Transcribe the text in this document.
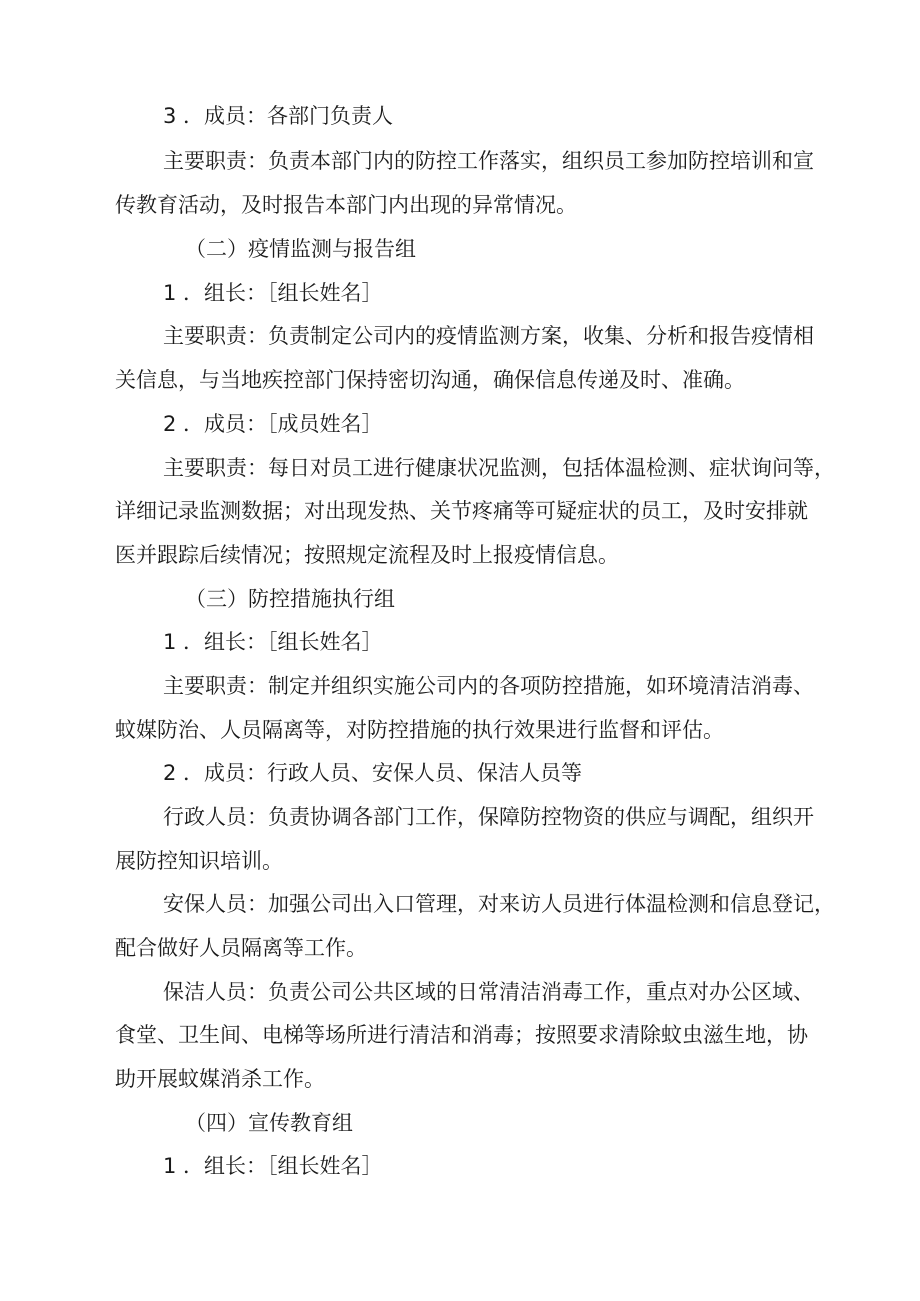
3 ．成员：各部门负责人
主要职责：负责本部门内的防控工作落实，组织员工参加防控培训和宣
传教育活动，及时报告本部门内出现的异常情况。
（二）疫情监测与报告组
1 ．组长：［组长姓名］
主要职责：负责制定公司内的疫情监测方案，收集、分析和报告疫情相
关信息，与当地疾控部门保持密切沟通，确保信息传递及时、准确。
2 ．成员：［成员姓名］
主要职责：每日对员工进行健康状况监测，包括体温检测、症状询问等，
详细记录监测数据；对出现发热、关节疼痛等可疑症状的员工，及时安排就
医并跟踪后续情况；按照规定流程及时上报疫情信息。
（三）防控措施执行组
1 ．组长：［组长姓名］
主要职责：制定并组织实施公司内的各项防控措施，如环境清洁消毒、
蚊媒防治、人员隔离等，对防控措施的执行效果进行监督和评估。
2 ．成员：行政人员、安保人员、保洁人员等
行政人员：负责协调各部门工作，保障防控物资的供应与调配，组织开
展防控知识培训。
安保人员：加强公司出入口管理，对来访人员进行体温检测和信息登记，
配合做好人员隔离等工作。
保洁人员：负责公司公共区域的日常清洁消毒工作，重点对办公区域、
食堂、卫生间、电梯等场所进行清洁和消毒；按照要求清除蚊虫滋生地，协
助开展蚊媒消杀工作。
（四）宣传教育组
1 ．组长：［组长姓名］
